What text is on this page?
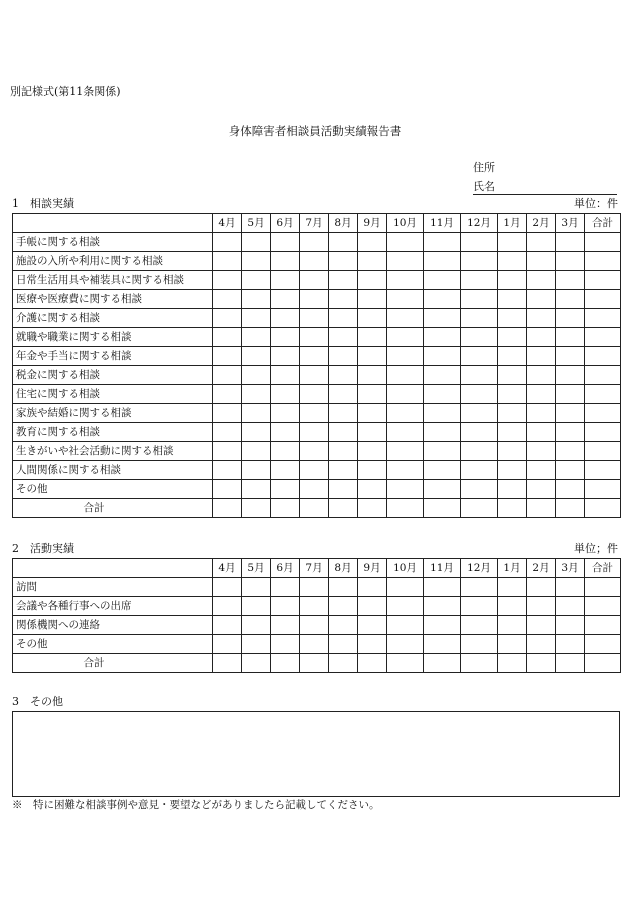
別記様式(第11条関係)
身体障害者相談員活動実績報告書
住所
氏名
1　相談実績	単位：件
	4月	5月	6月	7月	8月	9月	10月	11月	12月	1月	2月	3月	合計
手帳に関する相談													
施設の入所や利用に関する相談													
日常生活用具や補装具に関する相談													
医療や医療費に関する相談													
介護に関する相談													
就職や職業に関する相談													
年金や手当に関する相談													
税金に関する相談													
住宅に関する相談													
家族や結婚に関する相談													
教育に関する相談													
生きがいや社会活動に関する相談													
人間関係に関する相談													
その他													
合計													
2　活動実績	単位；件
	4月	5月	6月	7月	8月	9月	10月	11月	12月	1月	2月	3月	合計
訪問													
会議や各種行事への出席													
関係機関への連絡													
その他													
合計													
3　その他
※　特に困難な相談事例や意見・要望などがありましたら記載してください。
